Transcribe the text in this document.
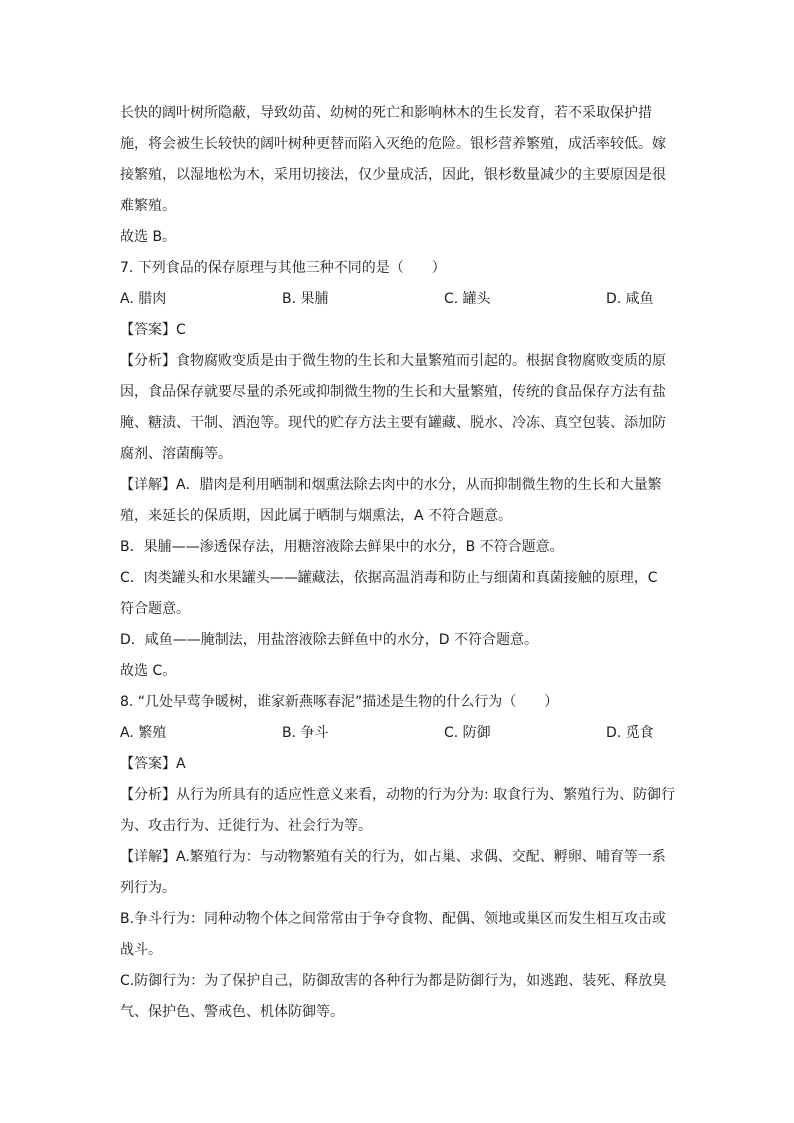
长快的阔叶树所隐蔽，导致幼苗、幼树的死亡和影响林木的生长发育，若不采取保护措
施，将会被生长较快的阔叶树种更替而陷入灭绝的危险。银杉营养繁殖，成活率较低。嫁
接繁殖，以湿地松为木，采用切接法，仅少量成活，因此，银杉数量减少的主要原因是很
难繁殖。
故选 B。
7. 下列食品的保存原理与其他三种不同的是（　　）
A. 腊肉	B. 果脯	C. 罐头	D. 咸鱼
【答案】C
【分析】食物腐败变质是由于微生物的生长和大量繁殖而引起的。根据食物腐败变质的原
因，食品保存就要尽量的杀死或抑制微生物的生长和大量繁殖，传统的食品保存方法有盐
腌、糖渍、干制、酒泡等。现代的贮存方法主要有罐藏、脱水、冷冻、真空包装、添加防
腐剂、溶菌酶等。
【详解】A．腊肉是利用晒制和烟熏法除去肉中的水分，从而抑制微生物的生长和大量繁
殖，来延长的保质期，因此属于晒制与烟熏法，A 不符合题意。
B．果脯——渗透保存法，用糖溶液除去鲜果中的水分，B 不符合题意。
C．肉类罐头和水果罐头——罐藏法，依据高温消毒和防止与细菌和真菌接触的原理，C
符合题意。
D．咸鱼——腌制法，用盐溶液除去鲜鱼中的水分，D 不符合题意。
故选 C。
8. “几处早莺争暖树，谁家新燕啄春泥”描述是生物的什么行为（　　）
A. 繁殖	B. 争斗	C. 防御	D. 觅食
【答案】A
【分析】从行为所具有的适应性意义来看，动物的行为分为: 取食行为、繁殖行为、防御行
为、攻击行为、迁徙行为、社会行为等。
【详解】A.繁殖行为：与动物繁殖有关的行为，如占巢、求偶、交配、孵卵、哺育等一系
列行为。
B.争斗行为：同种动物个体之间常常由于争夺食物、配偶、领地或巢区而发生相互攻击或
战斗。
C.防御行为：为了保护自己，防御敌害的各种行为都是防御行为，如逃跑、装死、释放臭
气、保护色、警戒色、机体防御等。
